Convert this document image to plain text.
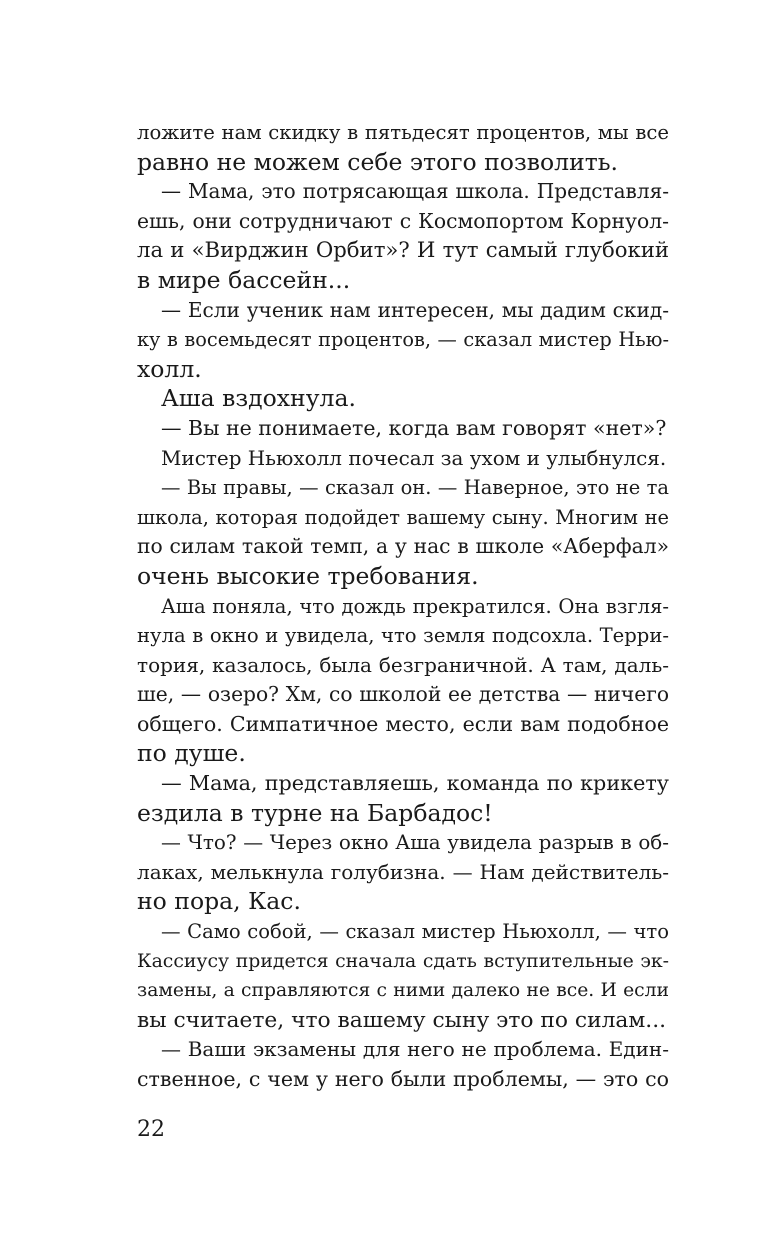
ложите нам скидку в пятьдесят процентов, мы все
равно не можем себе этого позволить.
— Мама, это потрясающая школа. Представля-
ешь, они сотрудничают с Космопортом Корнуол-
ла и «Вирджин Орбит»? И тут самый глубокий
в мире бассейн...
— Если ученик нам интересен, мы дадим скид-
ку в восемьдесят процентов, — сказал мистер Нью-
холл.
Аша вздохнула.
— Вы не понимаете, когда вам говорят «нет»?
Мистер Ньюхолл почесал за ухом и улыбнулся.
— Вы правы, — сказал он. — Наверное, это не та
школа, которая подойдет вашему сыну. Многим не
по силам такой темп, а у нас в школе «Аберфал»
очень высокие требования.
Аша поняла, что дождь прекратился. Она взгля-
нула в окно и увидела, что земля подсохла. Терри-
тория, казалось, была безграничной. А там, даль-
ше, — озеро? Хм, со школой ее детства — ничего
общего. Симпатичное место, если вам подобное
по душе.
— Мама, представляешь, команда по крикету
ездила в турне на Барбадос!
— Что? — Через окно Аша увидела разрыв в об-
лаках, мелькнула голубизна. — Нам действитель-
но пора, Кас.
— Само собой, — сказал мистер Ньюхолл, — что
Кассиусу придется сначала сдать вступительные эк-
замены, а справляются с ними далеко не все. И если
вы считаете, что вашему сыну это по силам...
— Ваши экзамены для него не проблема. Един-
ственное, с чем у него были проблемы, — это со
22
